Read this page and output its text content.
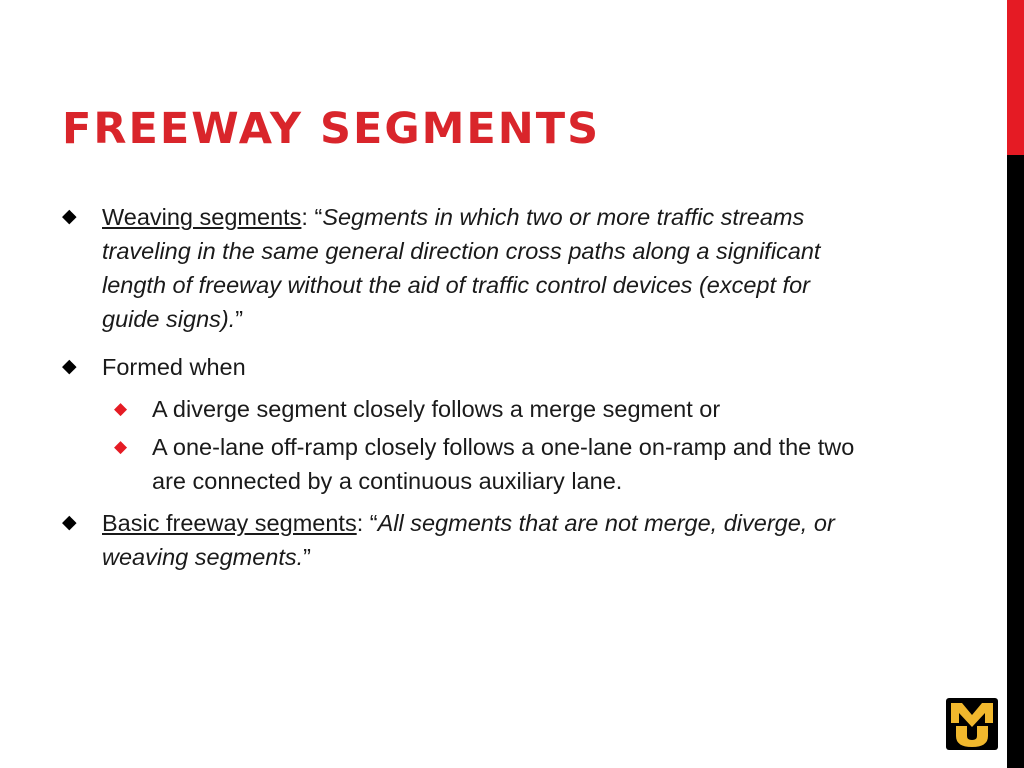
FREEWAY SEGMENTS
◆	Weaving segments: “Segments in which two or more traffic streams traveling in the same general direction cross paths along a significant length of freeway without the aid of traffic control devices (except for guide signs).”
◆	Formed when
◆	A diverge segment closely follows a merge segment or
◆	A one-lane off-ramp closely follows a one-lane on-ramp and the two are connected by a continuous auxiliary lane.
◆	Basic freeway segments: “All segments that are not merge, diverge, or weaving segments.”
